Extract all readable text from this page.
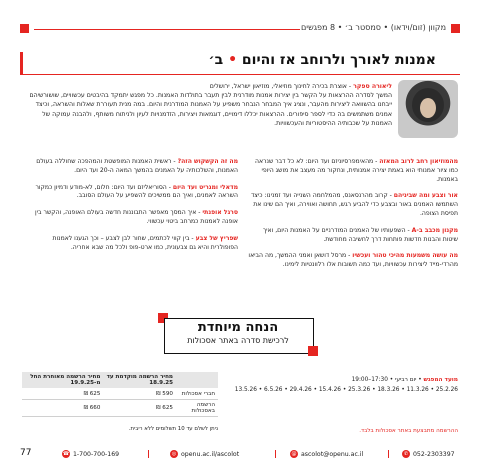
מקוון (זום/וידאו) • סמסטר ב׳ • 8 מפגשים
אמנות לאורך ולרוחב אז והיום • ב׳
ליאורה ספקר - אוצרת בכירה לחינוך מוזיאלי, מוזיאון ישראל, ירושלים
המשך לסדרה ההרצאות על הקשר בין יצירות אמנות מודרנית לבין תעבר בתולדות האמנות. כל מפגש יתמקד בהיבטים עכשוויים, שושורשיהם ייבחנו בהשוואה ליצירות מהעבר, ונציג איך המבחר הנבחר משפיע על האמנות המודרנית והיום. במה מנית תעוררת שאלות והשראה, וכיצד אמנים משתמשים בה כדי לספר סיפורים. ההרצאות יכללו דימויים, דוגמאות ויצירות, הזדמנויות לעיון ולניתוח משותף, ולהבנה עמוקה של האמנות על שכבותיה ההיסטוריות והעכשוויות.

מהמוזיאון רחב לרוב המאזה - מהאימפרסיוניזם ועד היום: לא כל דבר שנראה כמו ציור אמנותי הוא באמת יצירה אמנותית, ונחקור מה מעצב את מושג היופי באמנות.

אור וצבע ומה שביניהם - קרוב מהרנסאנס, מהמלחמה השנייה ועד זמנינו: כיצד השתמשו האמנים באור ובצבע כדי להביע רגש, תחושה ואווירה, ואיך הם שינו את תפיסת הצופה.

מקנון מכבב ב-A - השפעותיו של האמנים המודרניים על האמנות היום, ואיך שיטות והבנות חדשות פותחות דרך לחשיבה מחודשת.

מה עושה משמעות מהיכי טהור ועכשיו - מרסל דושאן ואמני ההמשך, מה הביאו מהרדי-מייד ליצירות עכשוויות, ועד כמה תשובות אלו רלוונטיות לימינו.

מה זה הקשקוש הזה? - ראשית האמנות המופשטת והמהפכה שחוללה בעולם האמנות, והשלכותיה על האמנים בהמשך המאה ה-20 ועד היום.

מדאלי ומגריט ועד היום - הסוריאליזם ועד היום: חלום, לא-מודע ודמיון כמקור השראה לאמנים, ואיך הם ממשיכים להשפיע על העולם הסובב.

סרגל אופנתי - איך המסך מאפשר התבוננות חדשה בעולם האופנה, והקשר בין אופנה לאמנות כמרחב ביטוי עכשווי.

שפריץ של צבע - בין קווי לכתמים, שחור לבן לצבע – וכך הגענו לאמנות הפופולרית והיא גם צבעונית, כמו ארט-פופ ולכל מה שבא אחריה.

הנחה מיוחדת
לרכישת סדרה באתר אסכולות
מועד המפגש • יום רביעי • 17:30–19:00
25.2.26 • 11.3.26 • 18.3.26 • 25.3.26 • 15.4.26 • 29.4.26 • 6.5.26 • 13.5.26
	מחיר הרשמה מוקדמת עד 18.9.25	מחיר הרשמה מאוחרת החל מ-19.9.25
חברי אסכולות	590 ₪	625 ₪
הרשמה באסכולות	625 ₪	660 ₪
ניתן לשלם עד 10 תשלומים ללא ריבית.	ההרשמה מתבצעת באתר אסכולות בלבד.
77	☎ 1-700-700-169	◎ openu.ac.il/ascolot	@ ascolot@openu.ac.il	✆ 052-2303397
